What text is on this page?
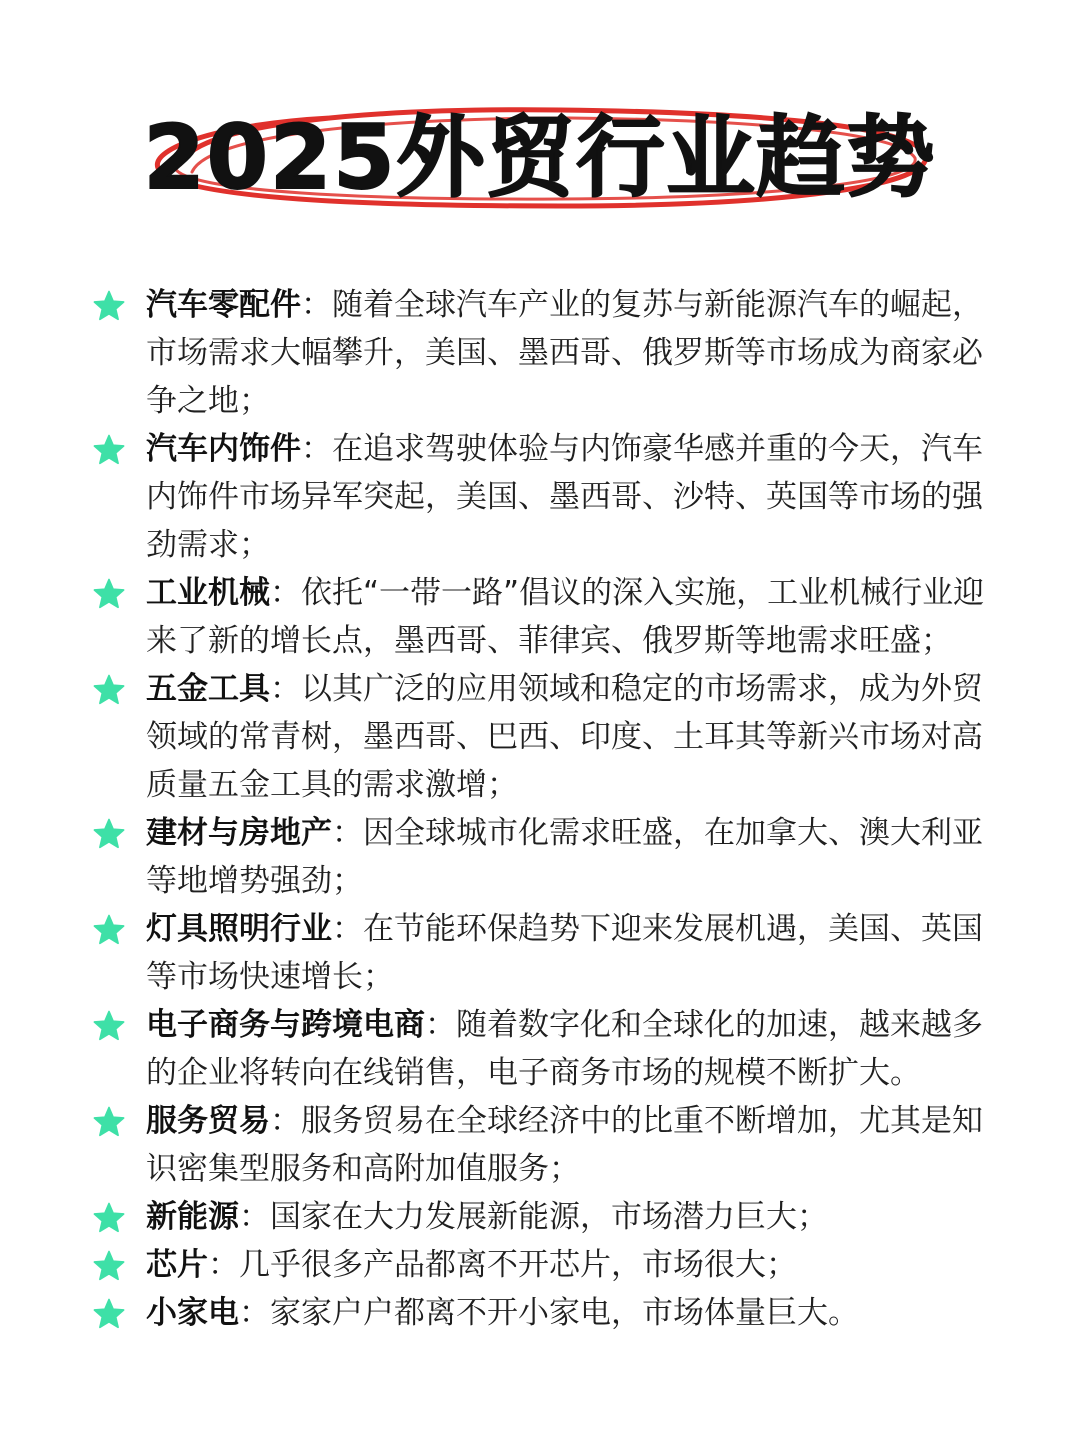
2025外贸行业趋势
汽车零配件：随着全球汽车产业的复苏与新能源汽车的崛起，市场需求大幅攀升，美国、墨西哥、俄罗斯等市场成为商家必争之地；
汽车内饰件：在追求驾驶体验与内饰豪华感并重的今天，汽车内饰件市场异军突起，美国、墨西哥、沙特、英国等市场的强劲需求；
工业机械：依托“一带一路”倡议的深入实施，工业机械行业迎来了新的增长点，墨西哥、菲律宾、俄罗斯等地需求旺盛；
五金工具：以其广泛的应用领域和稳定的市场需求，成为外贸领域的常青树，墨西哥、巴西、印度、土耳其等新兴市场对高质量五金工具的需求激增；
建材与房地产：因全球城市化需求旺盛，在加拿大、澳大利亚等地增势强劲；
灯具照明行业：在节能环保趋势下迎来发展机遇，美国、英国等市场快速增长；
电子商务与跨境电商：随着数字化和全球化的加速，越来越多的企业将转向在线销售，电子商务市场的规模不断扩大。
服务贸易：服务贸易在全球经济中的比重不断增加，尤其是知识密集型服务和高附加值服务；
新能源：国家在大力发展新能源，市场潜力巨大；
芯片：几乎很多产品都离不开芯片，市场很大；
小家电：家家户户都离不开小家电，市场体量巨大。
